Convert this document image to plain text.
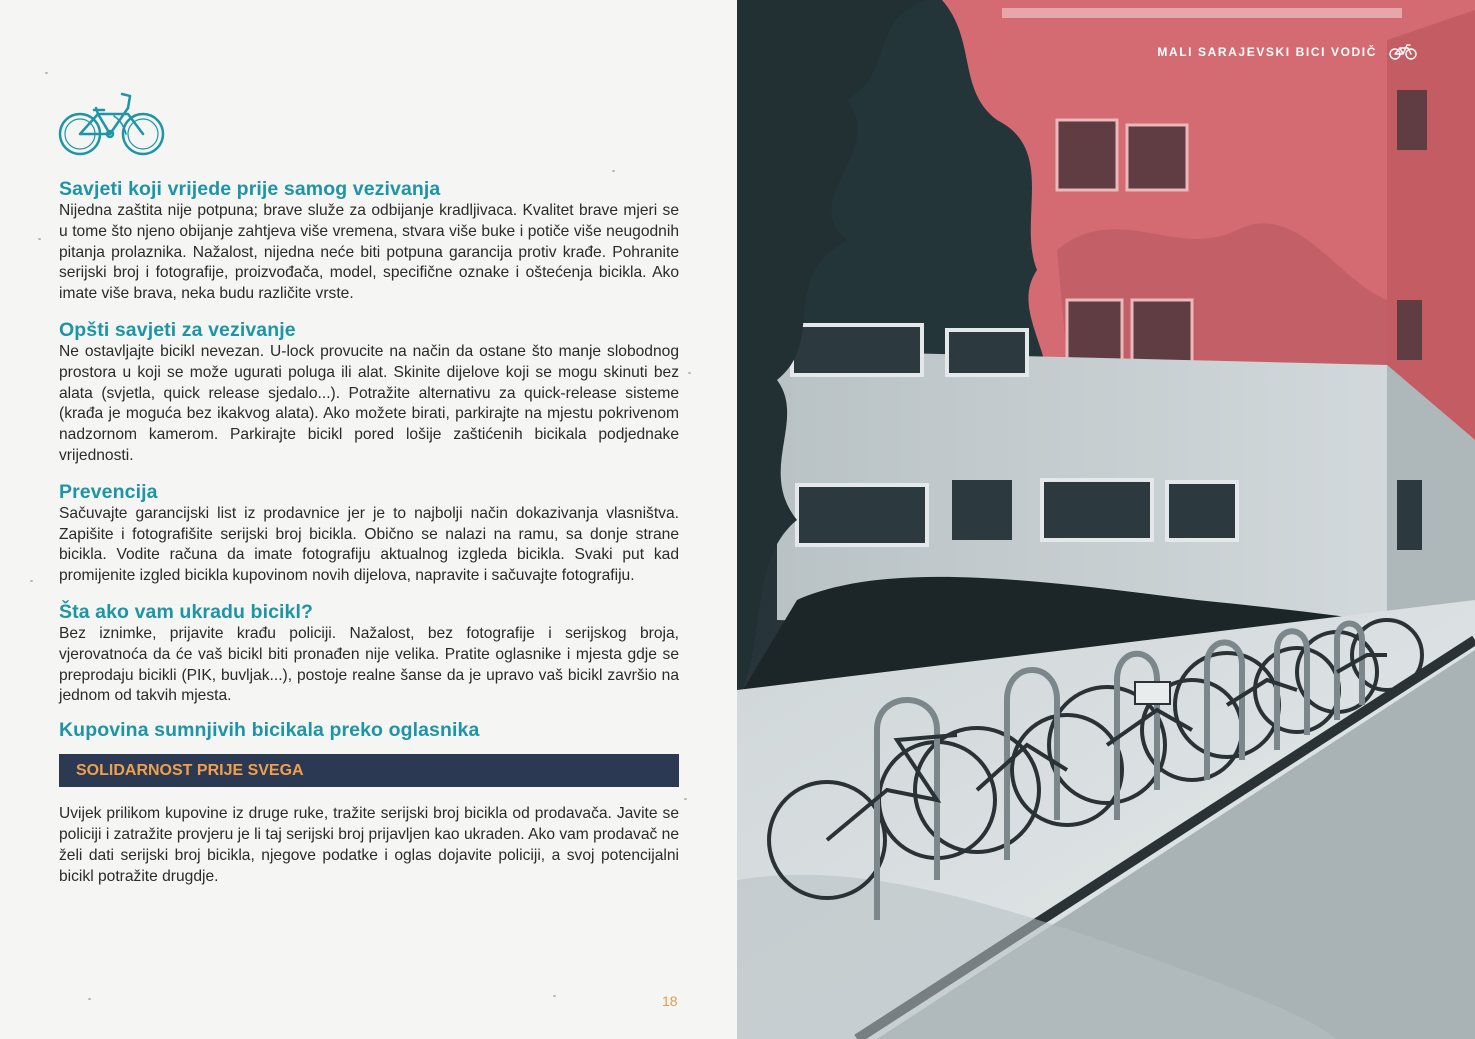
Savjeti koji vrijede prije samog vezivanja

Nijedna zaštita nije potpuna; brave služe za odbijanje kradljivaca. Kvalitet brave mjeri se u tome što njeno obijanje zahtjeva više vremena, stvara više buke i potiče više neugodnih pitanja prolaznika. Nažalost, nijedna neće biti potpuna garancija protiv krađe. Pohranite serijski broj i fotografije, proizvođača, model, specifične oznake i oštećenja bicikla. Ako imate više brava, neka budu različite vrste.

Opšti savjeti za vezivanje

Ne ostavljajte bicikl nevezan. U-lock provucite na način da ostane što manje slobodnog prostora u koji se može ugurati poluga ili alat. Skinite dijelove koji se mogu skinuti bez alata (svjetla, quick release sjedalo...). Potražite alternativu za quick-release sisteme (krađa je moguća bez ikakvog alata). Ako možete birati, parkirajte na mjestu pokrivenom nadzornom kamerom. Parkirajte bicikl pored lošije zaštićenih bicikala podjednake vrijednosti.

Prevencija

Sačuvajte garancijski list iz prodavnice jer je to najbolji način dokazivanja vlasništva. Zapišite i fotografišite serijski broj bicikla. Obično se nalazi na ramu, sa donje strane bicikla. Vodite računa da imate fotografiju aktualnog izgleda bicikla. Svaki put kad promijenite izgled bicikla kupovinom novih dijelova, napravite i sačuvajte fotografiju.

Šta ako vam ukradu bicikl?

Bez iznimke, prijavite krađu policiji. Nažalost, bez fotografije i serijskog broja, vjerovatnoća da će vaš bicikl biti pronađen nije velika. Pratite oglasnike i mjesta gdje se preprodaju bicikli (PIK, buvljak...), postoje realne šanse da je upravo vaš bicikl završio na jednom od takvih mjesta.

Kupovina sumnjivih bicikala preko oglasnika
SOLIDARNOST PRIJE SVEGA

Uvijek prilikom kupovine iz druge ruke, tražite serijski broj bicikla od prodavača. Javite se policiji i zatražite provjeru je li taj serijski broj prijavljen kao ukraden. Ako vam prodavač ne želi dati serijski broj bicikla, njegove podatke i oglas dojavite policiji, a svoj potencijalni bicikl potražite drugdje.

18
MALI SARAJEVSKI BICI VODIČ
